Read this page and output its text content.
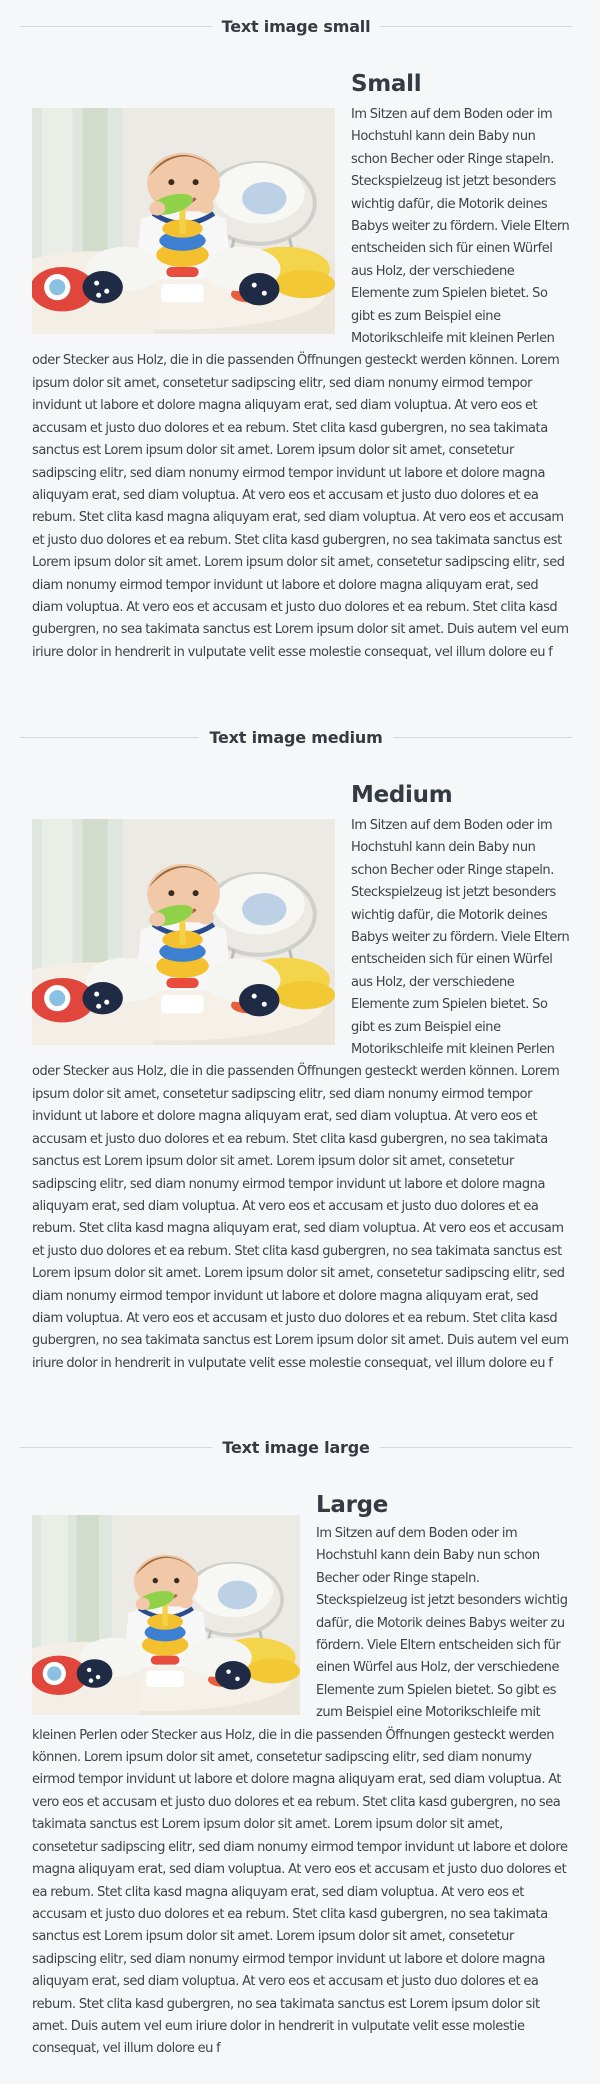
Text image small
Small

Im Sitzen auf dem Boden oder im Hochstuhl kann dein Baby nun schon Becher oder Ringe stapeln. Steckspielzeug ist jetzt besonders wichtig dafür, die Motorik deines Babys weiter zu fördern. Viele Eltern entscheiden sich für einen Würfel aus Holz, der verschiedene Elemente zum Spielen bietet. So gibt es zum Beispiel eine Motorikschleife mit kleinen Perlen oder Stecker aus Holz, die in die passenden Öffnungen gesteckt werden können. Lorem ipsum dolor sit amet, consetetur sadipscing elitr, sed diam nonumy eirmod tempor invidunt ut labore et dolore magna aliquyam erat, sed diam voluptua. At vero eos et accusam et justo duo dolores et ea rebum. Stet clita kasd gubergren, no sea takimata sanctus est Lorem ipsum dolor sit amet. Lorem ipsum dolor sit amet, consetetur sadipscing elitr, sed diam nonumy eirmod tempor invidunt ut labore et dolore magna aliquyam erat, sed diam voluptua. At vero eos et accusam et justo duo dolores et ea rebum. Stet clita kasd magna aliquyam erat, sed diam voluptua. At vero eos et accusam et justo duo dolores et ea rebum. Stet clita kasd gubergren, no sea takimata sanctus est Lorem ipsum dolor sit amet. Lorem ipsum dolor sit amet, consetetur sadipscing elitr, sed diam nonumy eirmod tempor invidunt ut labore et dolore magna aliquyam erat, sed diam voluptua. At vero eos et accusam et justo duo dolores et ea rebum. Stet clita kasd gubergren, no sea takimata sanctus est Lorem ipsum dolor sit amet. Duis autem vel eum iriure dolor in hendrerit in vulputate velit esse molestie consequat, vel illum dolore eu f

Text image medium
Medium

Im Sitzen auf dem Boden oder im Hochstuhl kann dein Baby nun schon Becher oder Ringe stapeln. Steckspielzeug ist jetzt besonders wichtig dafür, die Motorik deines Babys weiter zu fördern. Viele Eltern entscheiden sich für einen Würfel aus Holz, der verschiedene Elemente zum Spielen bietet. So gibt es zum Beispiel eine Motorikschleife mit kleinen Perlen oder Stecker aus Holz, die in die passenden Öffnungen gesteckt werden können. Lorem ipsum dolor sit amet, consetetur sadipscing elitr, sed diam nonumy eirmod tempor invidunt ut labore et dolore magna aliquyam erat, sed diam voluptua. At vero eos et accusam et justo duo dolores et ea rebum. Stet clita kasd gubergren, no sea takimata sanctus est Lorem ipsum dolor sit amet. Lorem ipsum dolor sit amet, consetetur sadipscing elitr, sed diam nonumy eirmod tempor invidunt ut labore et dolore magna aliquyam erat, sed diam voluptua. At vero eos et accusam et justo duo dolores et ea rebum. Stet clita kasd magna aliquyam erat, sed diam voluptua. At vero eos et accusam et justo duo dolores et ea rebum. Stet clita kasd gubergren, no sea takimata sanctus est Lorem ipsum dolor sit amet. Lorem ipsum dolor sit amet, consetetur sadipscing elitr, sed diam nonumy eirmod tempor invidunt ut labore et dolore magna aliquyam erat, sed diam voluptua. At vero eos et accusam et justo duo dolores et ea rebum. Stet clita kasd gubergren, no sea takimata sanctus est Lorem ipsum dolor sit amet. Duis autem vel eum iriure dolor in hendrerit in vulputate velit esse molestie consequat, vel illum dolore eu f

Text image large
Large

Im Sitzen auf dem Boden oder im Hochstuhl kann dein Baby nun schon Becher oder Ringe stapeln. Steckspielzeug ist jetzt besonders wichtig dafür, die Motorik deines Babys weiter zu fördern. Viele Eltern entscheiden sich für einen Würfel aus Holz, der verschiedene Elemente zum Spielen bietet. So gibt es zum Beispiel eine Motorikschleife mit kleinen Perlen oder Stecker aus Holz, die in die passenden Öffnungen gesteckt werden können. Lorem ipsum dolor sit amet, consetetur sadipscing elitr, sed diam nonumy eirmod tempor invidunt ut labore et dolore magna aliquyam erat, sed diam voluptua. At vero eos et accusam et justo duo dolores et ea rebum. Stet clita kasd gubergren, no sea takimata sanctus est Lorem ipsum dolor sit amet. Lorem ipsum dolor sit amet, consetetur sadipscing elitr, sed diam nonumy eirmod tempor invidunt ut labore et dolore magna aliquyam erat, sed diam voluptua. At vero eos et accusam et justo duo dolores et ea rebum. Stet clita kasd magna aliquyam erat, sed diam voluptua. At vero eos et accusam et justo duo dolores et ea rebum. Stet clita kasd gubergren, no sea takimata sanctus est Lorem ipsum dolor sit amet. Lorem ipsum dolor sit amet, consetetur sadipscing elitr, sed diam nonumy eirmod tempor invidunt ut labore et dolore magna aliquyam erat, sed diam voluptua. At vero eos et accusam et justo duo dolores et ea rebum. Stet clita kasd gubergren, no sea takimata sanctus est Lorem ipsum dolor sit amet. Duis autem vel eum iriure dolor in hendrerit in vulputate velit esse molestie consequat, vel illum dolore eu f
